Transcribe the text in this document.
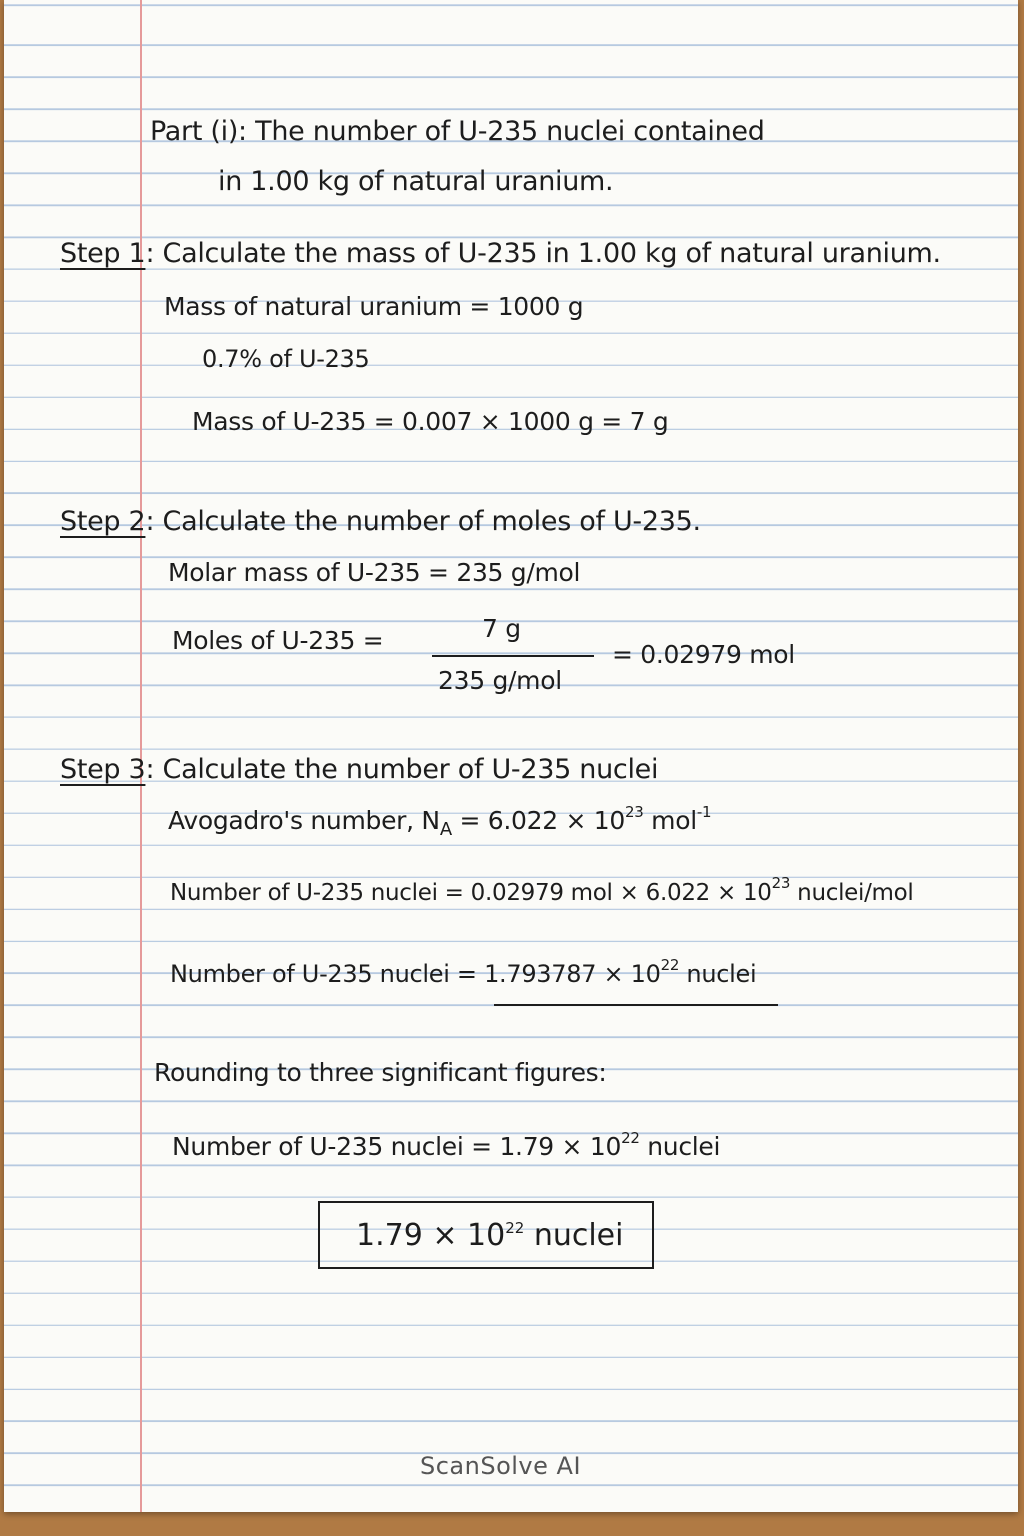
Part (i): The number of U-235 nuclei contained
in 1.00 kg of natural uranium.
Step 1: Calculate the mass of U-235 in 1.00 kg of natural uranium.
Mass of natural uranium = 1000 g
0.7% of U-235
Mass of U-235 = 0.007 × 1000 g = 7 g
Step 2: Calculate the number of moles of U-235.
Molar mass of U-235 = 235 g/mol
Moles of U-235 =	7 g
235 g/mol
= 0.02979 mol
Step 3: Calculate the number of U-235 nuclei
Avogadro's number, $N_A = 6.022 \times 10^{23}$ mol$^{-1}$
Number of U-235 nuclei = 0.02979 mol × $6.022 \times 10^{23}$ nuclei/mol
Number of U-235 nuclei = $1.793787 \times 10^{22}$ nuclei
Rounding to three significant figures:
Number of U-235 nuclei = $1.79 \times 10^{22}$ nuclei
$1.79 \times 10^{22}$ nuclei
ScanSolve AI
